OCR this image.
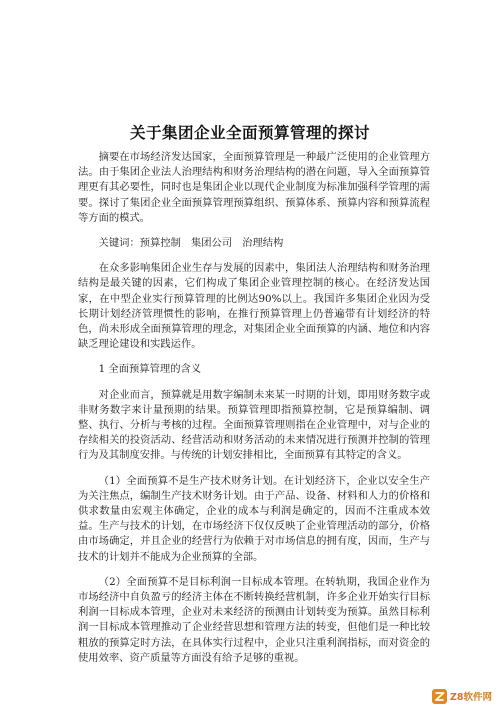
关于集团企业全面预算管理的探讨

摘要在市场经济发达国家，全面预算管理是一种最广泛使用的企业管理方法。由于集团企业法人治理结构和财务治理结构的潜在问题，导入全面预算管理更有其必要性，同时也是集团企业以现代企业制度为标准加强科学管理的需要。探讨了集团企业全面预算管理预算组织、预算体系、预算内容和预算流程等方面的模式。

关键词：预算控制 集团公司 治理结构

在众多影响集团企业生存与发展的因素中，集团法人治理结构和财务治理结构是最关键的因素，它们构成了集团企业管理控制的核心。在经济发达国家，在中型企业实行预算管理的比例达90%以上。我国许多集团企业因为受长期计划经济管理惯性的影响，在推行预算管理上仍普遍带有计划经济的特色，尚未形成全面预算管理的理念，对集团企业全面预算的内涵、地位和内容缺乏理论建设和实践运作。

1 全面预算管理的含义

对企业而言，预算就是用数字编制未来某一时期的计划，即用财务数字或非财务数字来计量预期的结果。预算管理即指预算控制，它是预算编制、调整、执行、分析与考核的过程。全面预算管理则指在企业管理中，对与企业的存续相关的投资活动、经营活动和财务活动的未来情况进行预测并控制的管理行为及其制度安排。与传统的计划安排相比，全面预算有其特定的含义。

（1）全面预算不是生产技术财务计划。在计划经济下，企业以安全生产为关注焦点，编制生产技术财务计划。由于产品、设备、材料和人力的价格和供求数量由宏观主体确定，企业的成本与利润是确定的，因而不注重成本效益。生产与技术的计划，在市场经济下仅仅反映了企业管理活动的部分，价格由市场确定，并且企业的经营行为依赖于对市场信息的拥有度，因而，生产与技术的计划并不能成为企业预算的全部。

（2）全面预算不是目标利润一目标成本管理。在转轨期，我国企业作为市场经济中自负盈亏的经济主体在不断转换经营机制，许多企业开始实行目标利润一目标成本管理，企业对未来经济的预测由计划转变为预算。虽然目标利润一目标成本管理推动了企业经营思想和管理方法的转变，但他们是一种比较粗放的预算定时方法，在具体实行过程中，企业只注重利润指标，而对资金的使用效率、资产质量等方面没有给予足够的重视。

Z8软件网
